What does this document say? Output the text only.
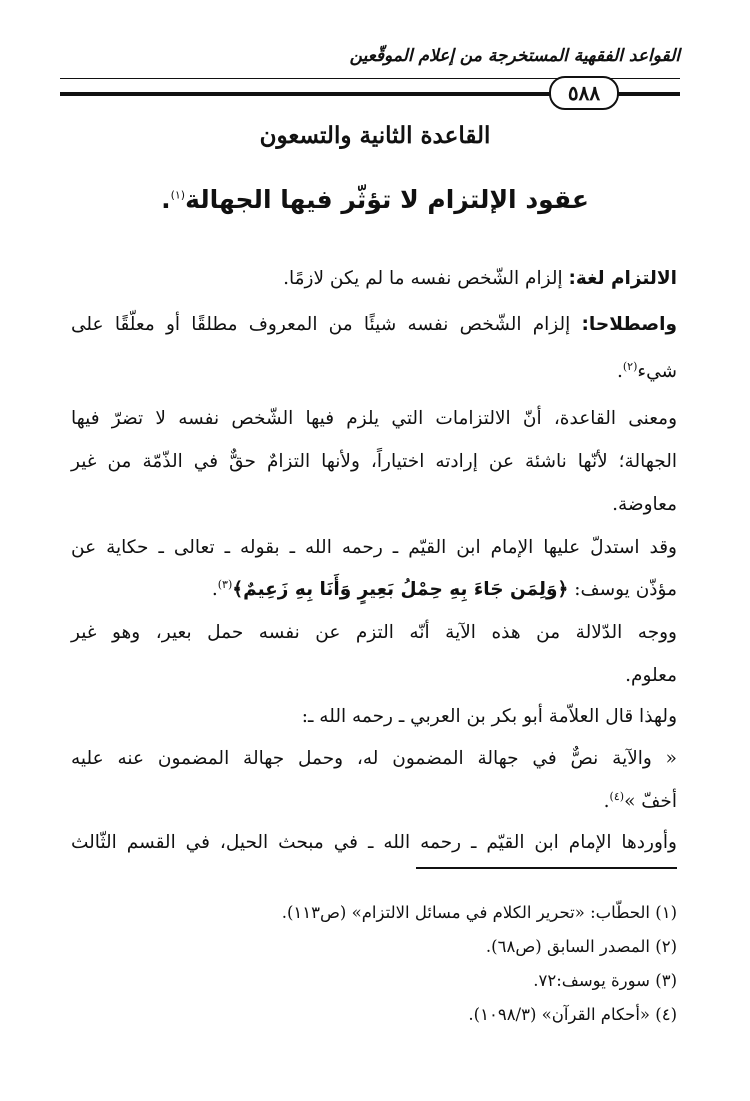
القواعد الفقهية المستخرجة من إعلام الموقّعين
٥٨٨
القاعدة الثانية والتسعون
عقود الإلتزام لا تؤثّر فيها الجهالة$^{(١)}$.
الالتزام لغة: إلزام الشّخص نفسه ما لم يكن لازمًا.
واصطلاحا: إلزام الشّخص نفسه شيئًا من المعروف مطلقًا أو معلّقًا على
شيء$^{(٢)}$.
ومعنى القاعدة، أنّ الالتزامات التي يلزم فيها الشّخص نفسه لا تضرّ فيها
الجهالة؛ لأنّها ناشئة عن إرادته اختياراً، ولأنها التزامٌ حقٌّ في الذّمّة من غير
معاوضة.
وقد استدلّ عليها الإمام ابن القيّم ـ رحمه الله ـ بقوله ـ تعالى ـ حكاية عن
مؤذّن يوسف: ﴿وَلِمَن جَاءَ بِهِ حِمْلُ بَعِيرٍ وَأَنَا بِهِ زَعِيمٌ﴾$^{(٣)}$.
ووجه الدّلالة من هذه الآية أنّه التزم عن نفسه حمل بعير، وهو غير
معلوم.
ولهذا قال العلاّمة أبو بكر بن العربي ـ رحمه الله ـ:
« والآية نصٌّ في جهالة المضمون له، وحمل جهالة المضمون عنه عليه
أخفّ »$^{(٤)}$.
وأوردها الإمام ابن القيّم ـ رحمه الله ـ في مبحث الحيل، في القسم الثّالث
(١) الحطّاب: «تحرير الكلام في مسائل الالتزام» (ص١١٣).
(٢) المصدر السابق (ص٦٨).
(٣) سورة يوسف:٧٢.
(٤) «أحكام القرآن» (١٠٩٨/٣).
